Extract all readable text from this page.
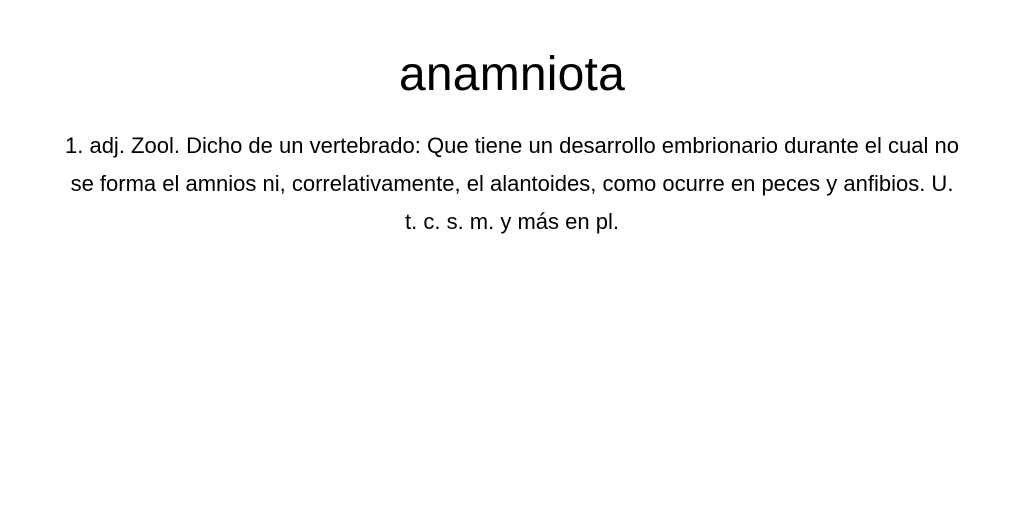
anamniota

1. adj. Zool. Dicho de un vertebrado: Que tiene un desarrollo embrionario durante el cual no se forma el amnios ni, correlativamente, el alantoides, como ocurre en peces y anfibios. U. t. c. s. m. y más en pl.
